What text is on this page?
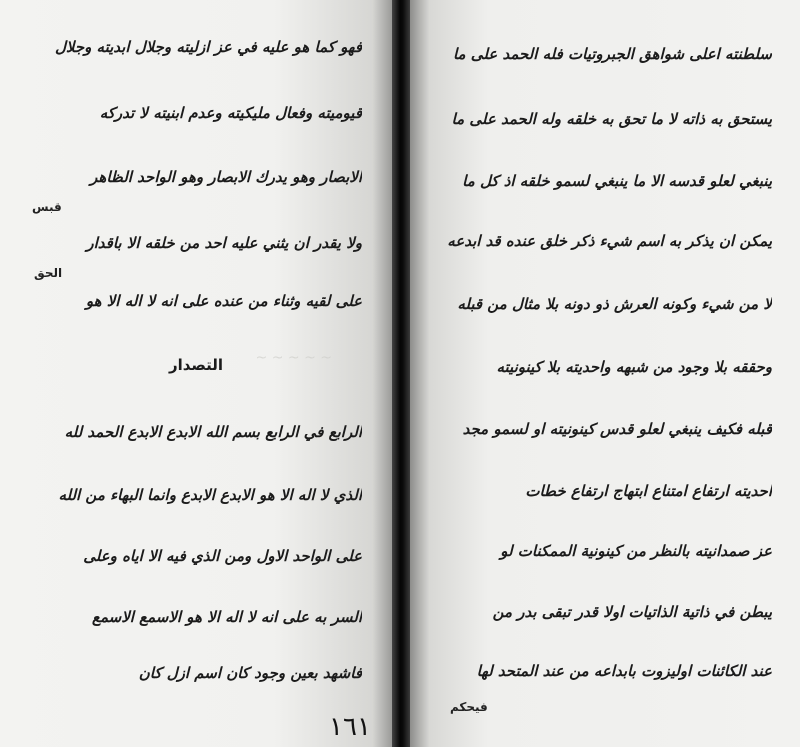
~ ~ ~ ~ ~
فهو كما هو عليه في عز ازليته وجلال ابديته وجلال
قيوميته وفعال مليكيته وعدم ابنيته لا تدركه
الابصار وهو يدرك الابصار وهو الواحد الظاهر
ولا يقدر ان يثني عليه احد من خلقه الا باقدار
على لقيه وثناء من عنده على انه لا اله الا هو
قبس
الحق
التصدار
الرابع في الرابع بسم الله الابدع الابدع الحمد لله
الذي لا اله الا هو الابدع الابدع وانما البهاء من الله
على الواحد الاول ومن الذي فيه الا اياه وعلى
السر به على انه لا اله الا هو الاسمع الاسمع
فاشهد بعين وجود كان اسم ازل كان
سلطنته اعلى شواهق الجبروتيات فله الحمد على ما
يستحق به ذاته لا ما تحق به خلقه وله الحمد على ما
ينبغي لعلو قدسه الا ما ينبغي لسمو خلقه اذ كل ما
يمكن ان يذكر به اسم شيء ذكر خلق عنده قد ابدعه
لا من شيء وكونه العرش ذو دونه بلا مثال من قبله
وحققه بلا وجود من شبهه واحديته بلا كينونيته
قبله فكيف ينبغي لعلو قدس كينونيته او لسمو مجد
احديته ارتفاع امتناع ابتهاج ارتفاع خطات
عز صمدانيته بالنظر من كينونية الممكنات لو
يبطن في ذاتية الذاتيات اولا قدر تبقى بدر من
عند الكائنات اوليزوت بابداعه من عند المتحد لها
فيحكم
١٦١
